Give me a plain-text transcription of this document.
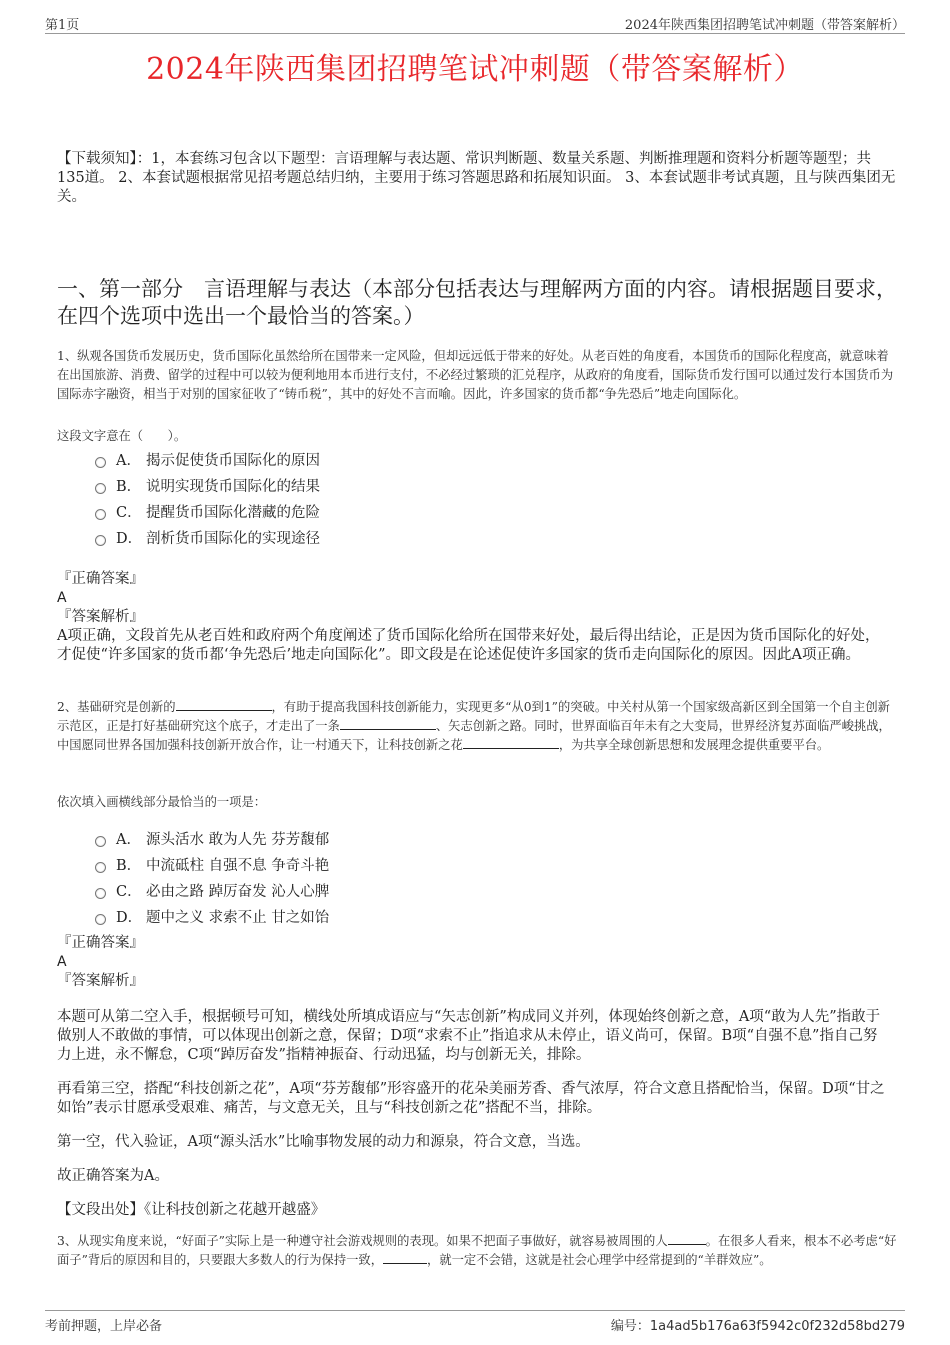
第1页	2024年陕西集团招聘笔试冲刺题（带答案解析）
2024年陕西集团招聘笔试冲刺题（带答案解析）
【下载须知】：1，本套练习包含以下题型：言语理解与表达题、常识判断题、数量关系题、判断推理题和资料分析题等题型；共135道。 2、本套试题根据常见招考题总结归纳，主要用于练习答题思路和拓展知识面。 3、本套试题非考试真题，且与陕西集团无关。
一、第一部分　言语理解与表达（本部分包括表达与理解两方面的内容。请根据题目要求，在四个选项中选出一个最恰当的答案。）
1、纵观各国货币发展历史，货币国际化虽然给所在国带来一定风险，但却远远低于带来的好处。从老百姓的角度看，本国货币的国际化程度高，就意味着在出国旅游、消费、留学的过程中可以较为便利地用本币进行支付，不必经过繁琐的汇兑程序，从政府的角度看，国际货币发行国可以通过发行本国货币为国际赤字融资，相当于对别的国家征收了“铸币税”，其中的好处不言而喻。因此，许多国家的货币都“争先恐后”地走向国际化。
这段文字意在（　　）。
A． 揭示促使货币国际化的原因
B． 说明实现货币国际化的结果
C． 提醒货币国际化潜藏的危险
D． 剖析货币国际化的实现途径

『正确答案』

A

『答案解析』

A项正确，文段首先从老百姓和政府两个角度阐述了货币国际化给所在国带来好处，最后得出结论，正是因为货币国际化的好处，才促使“许多国家的货币都‘争先恐后’地走向国际化”。即文段是在论述促使许多国家的货币走向国际化的原因。因此A项正确。

2、基础研究是创新的	，有助于提高我国科技创新能力，实现更多“从0到1”的突破。中关村从第一个国家级高新区到全国第一个自主创新示范区，正是打好基础研究这个底子，才走出了一条	、矢志创新之路。同时，世界面临百年未有之大变局，世界经济复苏面临严峻挑战，中国愿同世界各国加强科技创新开放合作，让一村通天下，让科技创新之花	，为共享全球创新思想和发展理念提供重要平台。
依次填入画横线部分最恰当的一项是：
A． 源头活水 敢为人先 芬芳馥郁
B． 中流砥柱 自强不息 争奇斗艳
C． 必由之路 踔厉奋发 沁人心脾
D． 题中之义 求索不止 甘之如饴

『正确答案』

A

『答案解析』

本题可从第二空入手，根据顿号可知，横线处所填成语应与“矢志创新”构成同义并列，体现始终创新之意，A项“敢为人先”指敢于做别人不敢做的事情，可以体现出创新之意，保留；D项“求索不止”指追求从未停止，语义尚可，保留。B项“自强不息”指自己努力上进，永不懈怠，C项“踔厉奋发”指精神振奋、行动迅猛，均与创新无关，排除。

再看第三空，搭配“科技创新之花”，A项“芬芳馥郁”形容盛开的花朵美丽芳香、香气浓厚，符合文意且搭配恰当，保留。D项“甘之如饴”表示甘愿承受艰难、痛苦，与文意无关，且与“科技创新之花”搭配不当，排除。

第一空，代入验证，A项“源头活水”比喻事物发展的动力和源泉，符合文意，当选。

故正确答案为A。

【文段出处】《让科技创新之花越开越盛》

3、从现实角度来说，“好面子”实际上是一种遵守社会游戏规则的表现。如果不把面子事做好，就容易被周围的人	。在很多人看来，根本不必考虑“好面子”背后的原因和目的，只要跟大多数人的行为保持一致，	，就一定不会错，这就是社会心理学中经常提到的“羊群效应”。
考前押题，上岸必备	编号：1a4ad5b176a63f5942c0f232d58bd279
